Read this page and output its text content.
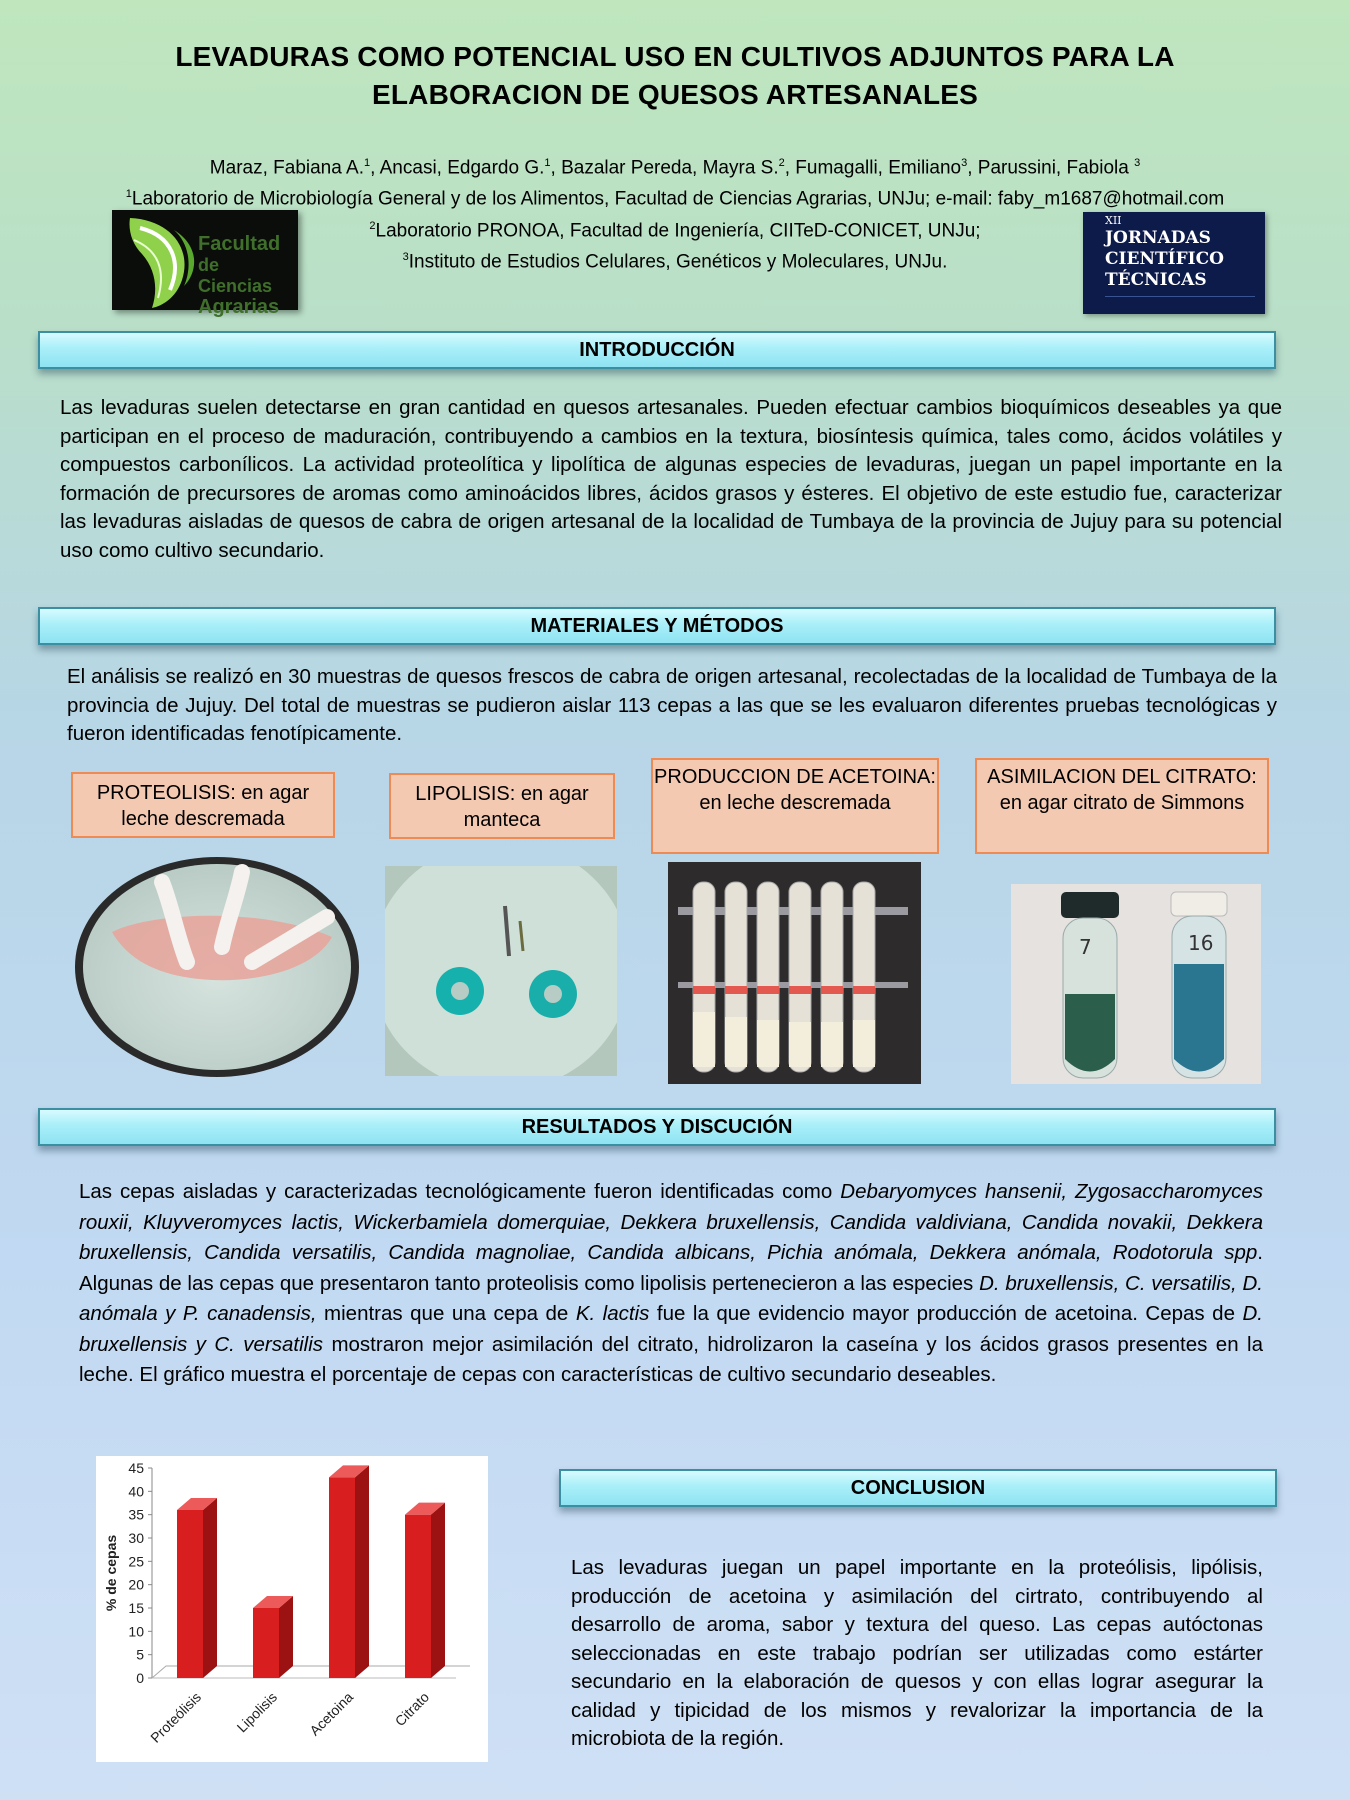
LEVADURAS COMO POTENCIAL USO EN CULTIVOS ADJUNTOS PARA LA
ELABORACION DE QUESOS ARTESANALES
Maraz, Fabiana A.$^1$, Ancasi, Edgardo G.$^1$, Bazalar Pereda, Mayra S.$^2$, Fumagalli, Emiliano$^3$, Parussini, Fabiola $^3$
$^1$Laboratorio de Microbiología General y de los Alimentos, Facultad de Ciencias Agrarias, UNJu; e-mail: faby_m1687@hotmail.com
$^2$Laboratorio PRONOA, Facultad de Ingeniería, CIITeD-CONICET, UNJu;
$^3$Instituto de Estudios Celulares, Genéticos y Moleculares, UNJu.
Facultad
de Ciencias
Agrarias
XII
JORNADAS
CIENTÍFICO
TÉCNICAS
INTRODUCCIÓN
Las levaduras suelen detectarse en gran cantidad en quesos artesanales. Pueden efectuar cambios bioquímicos deseables ya que participan en el proceso de maduración, contribuyendo a cambios en la textura, biosíntesis química, tales como, ácidos volátiles y compuestos carbonílicos. La actividad proteolítica y lipolítica de algunas especies de levaduras, juegan un papel importante en la formación de precursores de aromas como aminoácidos libres, ácidos grasos y ésteres. El objetivo de este estudio fue, caracterizar las levaduras aisladas de quesos de cabra de origen artesanal de la localidad de Tumbaya de la provincia de Jujuy para su potencial uso como cultivo secundario.
MATERIALES Y MÉTODOS
El análisis se realizó en 30 muestras de quesos frescos de cabra de origen artesanal, recolectadas de la localidad de Tumbaya de la provincia de Jujuy. Del total de muestras se pudieron aislar 113 cepas a las que se les evaluaron diferentes pruebas tecnológicas y fueron identificadas fenotípicamente.
PROTEOLISIS: en agar leche descremada
LIPOLISIS: en agar manteca
PRODUCCION DE ACETOINA: en leche descremada
ASIMILACION DEL CITRATO: en agar citrato de Simmons
7	16
RESULTADOS Y DISCUCIÓN
Las cepas aisladas y caracterizadas tecnológicamente fueron identificadas como Debaryomyces hansenii, Zygosaccharomyces rouxii, Kluyveromyces lactis, Wickerbamiela domerquiae, Dekkera bruxellensis, Candida valdiviana, Candida novakii, Dekkera bruxellensis, Candida versatilis, Candida magnoliae, Candida albicans, Pichia anómala, Dekkera anómala, Rodotorula spp. Algunas de las cepas que presentaron tanto proteolisis como lipolisis pertenecieron a las especies D. bruxellensis, C. versatilis, D. anómala y P. canadensis, mientras que una cepa de K. lactis fue la que evidencio mayor producción de acetoina. Cepas de D. bruxellensis y C. versatilis mostraron mejor asimilación del citrato, hidrolizaron la caseína y los ácidos grasos presentes en la leche. El gráfico muestra el porcentaje de cepas con características de cultivo secundario deseables.
0
5
10
15
20
25
30
35
40
45
% de cepas
Proteólisis Lipolisis Acetoina	Citrato
CONCLUSION
Las levaduras juegan un papel importante en la proteólisis, lipólisis, producción de acetoina y asimilación del cirtrato, contribuyendo al desarrollo de aroma, sabor y textura del queso. Las cepas autóctonas seleccionadas en este trabajo podrían ser utilizadas como estárter secundario en la elaboración de quesos y con ellas lograr asegurar la calidad y tipicidad de los mismos y revalorizar la importancia de la microbiota de la región.
